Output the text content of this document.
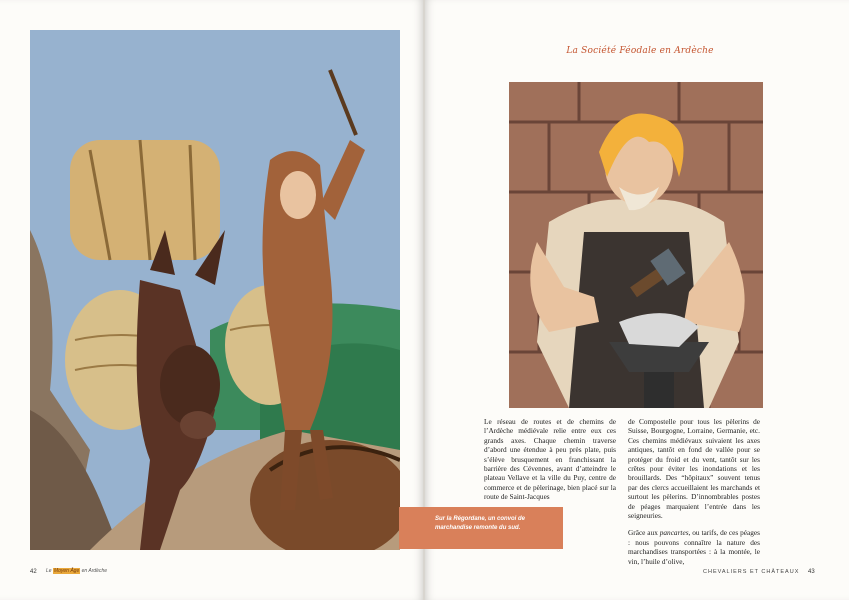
La Société Féodale en Ardèche
Sur la Régordane, un convoi de marchandise remonte du sud.

Le réseau de routes et de chemins de l’Ardèche médiévale relie entre eux ces grands axes. Chaque chemin traverse d’abord une étendue à peu près plate, puis s’élève brusquement en franchissant la barrière des Cévennes, avant d’atteindre le plateau Vellave et la ville du Puy, centre de commerce et de pèlerinage, bien placé sur la route de Saint-Jacques

de Compostelle pour tous les pèlerins de Suisse, Bourgogne, Lorraine, Germanie, etc. Ces chemins médiévaux suivaient les axes antiques, tantôt en fond de vallée pour se protéger du froid et du vent, tantôt sur les crêtes pour éviter les inondations et les brouillards. Des “hôpitaux” souvent tenus par des clercs accueillaient les marchands et surtout les pèlerins. D’innombrables postes de péages marquaient l’entrée dans les seigneuries.

Grâce aux pancartes, ou tarifs, de ces péages : nous pouvons connaître la nature des marchandises transportées : à la montée, le vin, l’huile d’olive,

42 Le Moyen Âge en Ardèche	CHEVALIERS ET CHÂTEAUX 43
